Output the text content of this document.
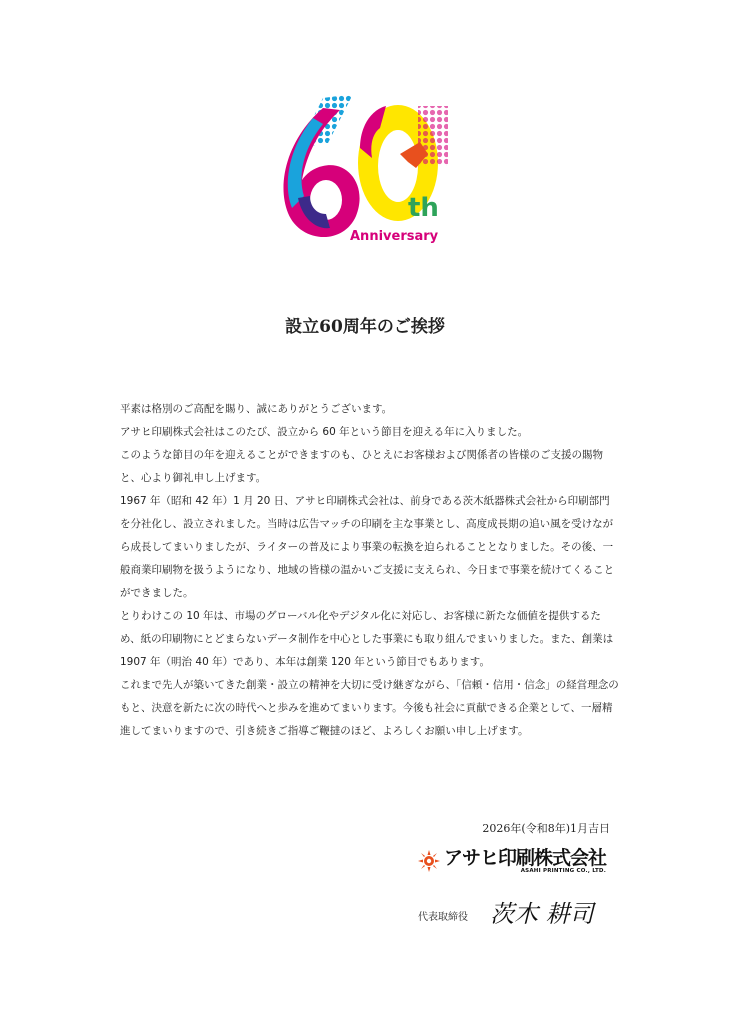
th
Anniversary
設立60周年のご挨拶

平素は格別のご高配を賜り、誠にありがとうございます。

アサヒ印刷株式会社はこのたび、設立から 60 年という節目を迎える年に入りました。

このような節目の年を迎えることができますのも、ひとえにお客様および関係者の皆様のご支援の賜物と、心より御礼申し上げます。

1967 年（昭和 42 年）1 月 20 日、アサヒ印刷株式会社は、前身である茨木紙器株式会社から印刷部門を分社化し、設立されました。当時は広告マッチの印刷を主な事業とし、高度成長期の追い風を受けながら成長してまいりましたが、ライターの普及により事業の転換を迫られることとなりました。その後、一般商業印刷物を扱うようになり、地域の皆様の温かいご支援に支えられ、今日まで事業を続けてくることができました。

とりわけこの 10 年は、市場のグローバル化やデジタル化に対応し、お客様に新たな価値を提供するため、紙の印刷物にとどまらないデータ制作を中心とした事業にも取り組んでまいりました。また、創業は 1907 年（明治 40 年）であり、本年は創業 120 年という節目でもあります。

これまで先人が築いてきた創業・設立の精神を大切に受け継ぎながら、「信頼・信用・信念」の経営理念のもと、決意を新たに次の時代へと歩みを進めてまいります。今後も社会に貢献できる企業として、一層精進してまいりますので、引き続きご指導ご鞭撻のほど、よろしくお願い申し上げます。

2026年(令和8年)1月吉日
アサヒ印刷株式会社
ASAHI PRINTING CO., LTD.
代表取締役 茨木 耕司
